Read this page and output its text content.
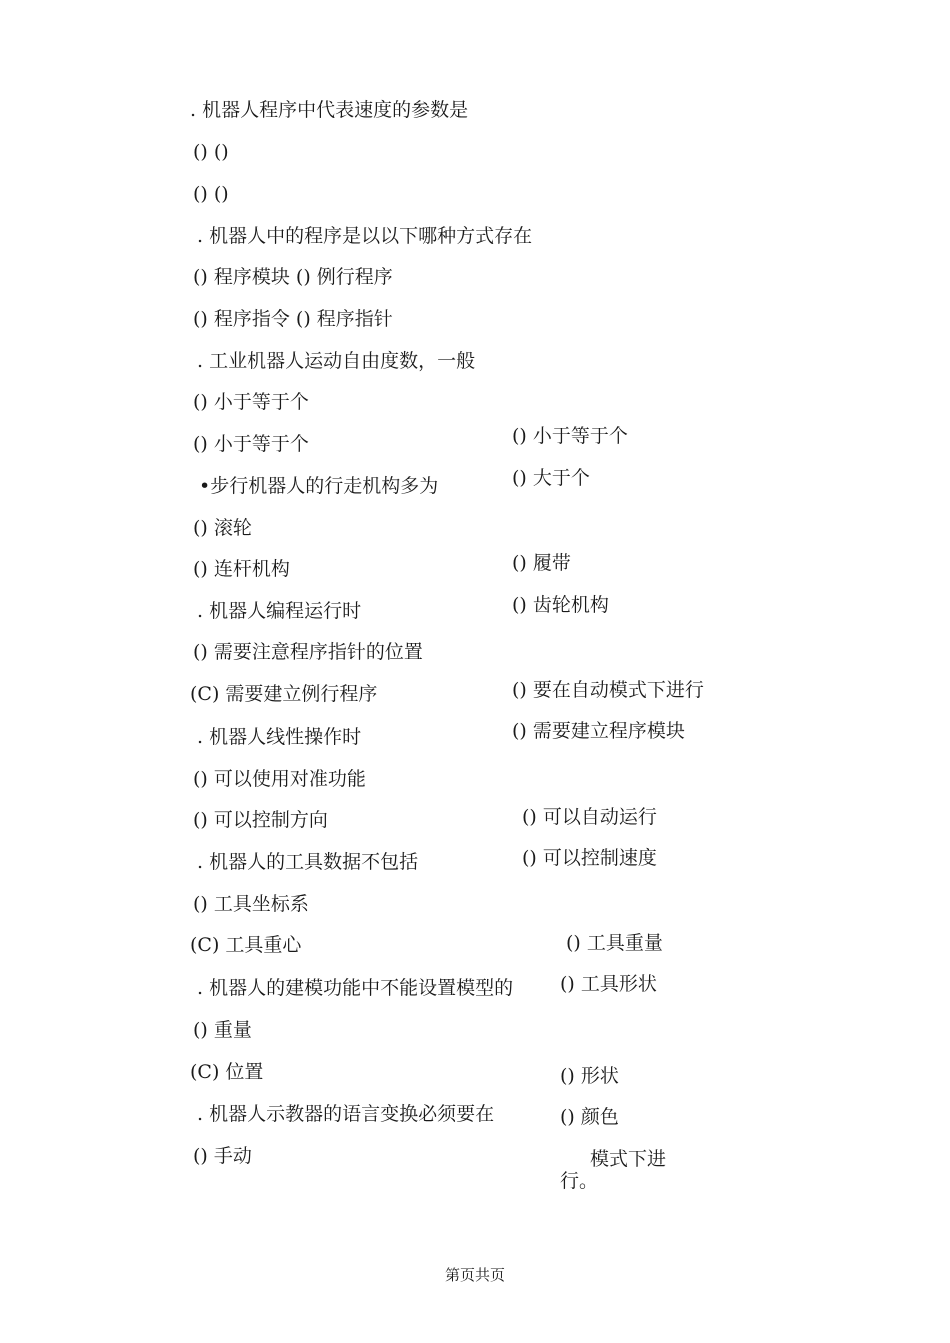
. 机器人程序中代表速度的参数是
() ()
() ()
. 机器人中的程序是以以下哪种方式存在
() 程序模块 () 例行程序
() 程序指令 () 程序指针
. 工业机器人运动自由度数，一般
() 小于等于个
() 小于等于个
•步行机器人的行走机构多为
() 滚轮
() 连杆机构
. 机器人编程运行时
() 需要注意程序指针的位置
(C) 需要建立例行程序
. 机器人线性操作时
() 可以使用对准功能
() 可以控制方向
. 机器人的工具数据不包括
() 工具坐标系
(C) 工具重心
. 机器人的建模功能中不能设置模型的
() 重量
(C) 位置
. 机器人示教器的语言变换必须要在
() 手动
() 小于等于个
() 大于个
() 履带
() 齿轮机构
() 要在自动模式下进行
() 需要建立程序模块
() 可以自动运行
() 可以控制速度
() 工具重量
() 工具形状
() 形状
() 颜色
模式下进
行。
第页共页
